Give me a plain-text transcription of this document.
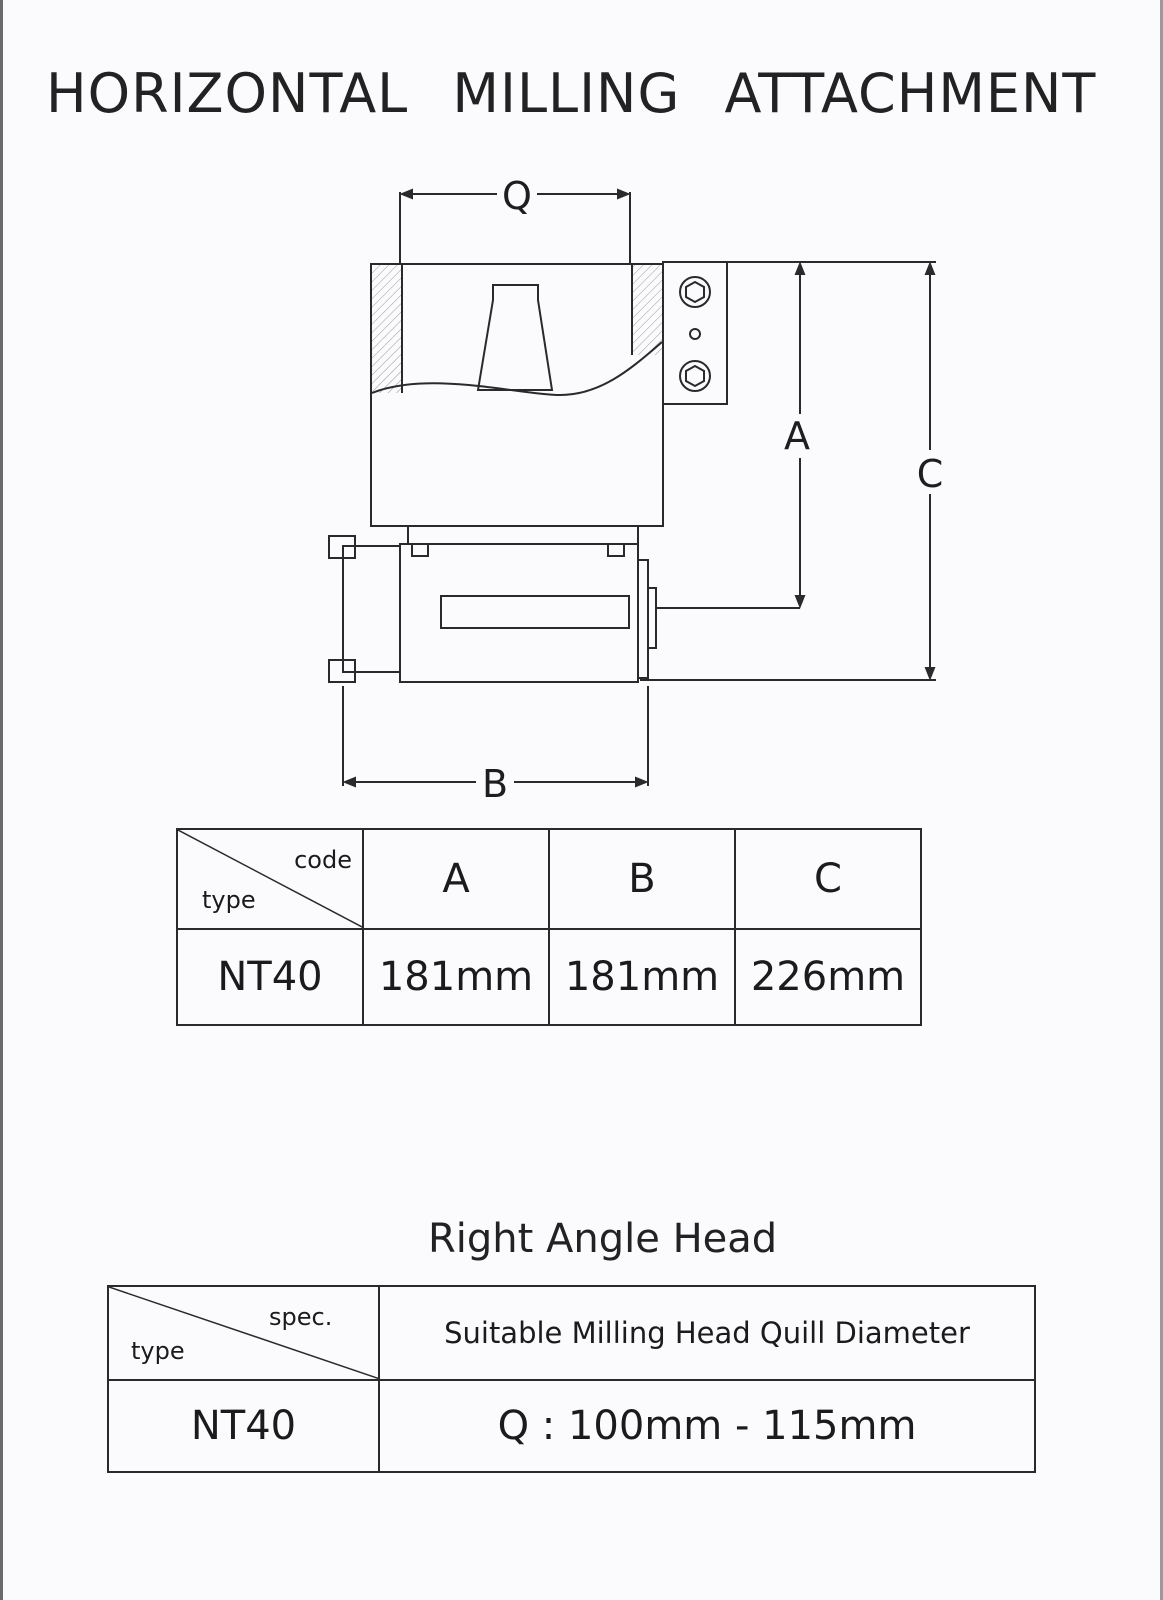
HORIZONTAL MILLING ATTACHMENT
Q
A
C
B
code
type	A	B	C
NT40	181mm	181mm	226mm
Right Angle Head
spec.
type	Suitable Milling Head Quill Diameter
NT40	Q : 100mm - 115mm
